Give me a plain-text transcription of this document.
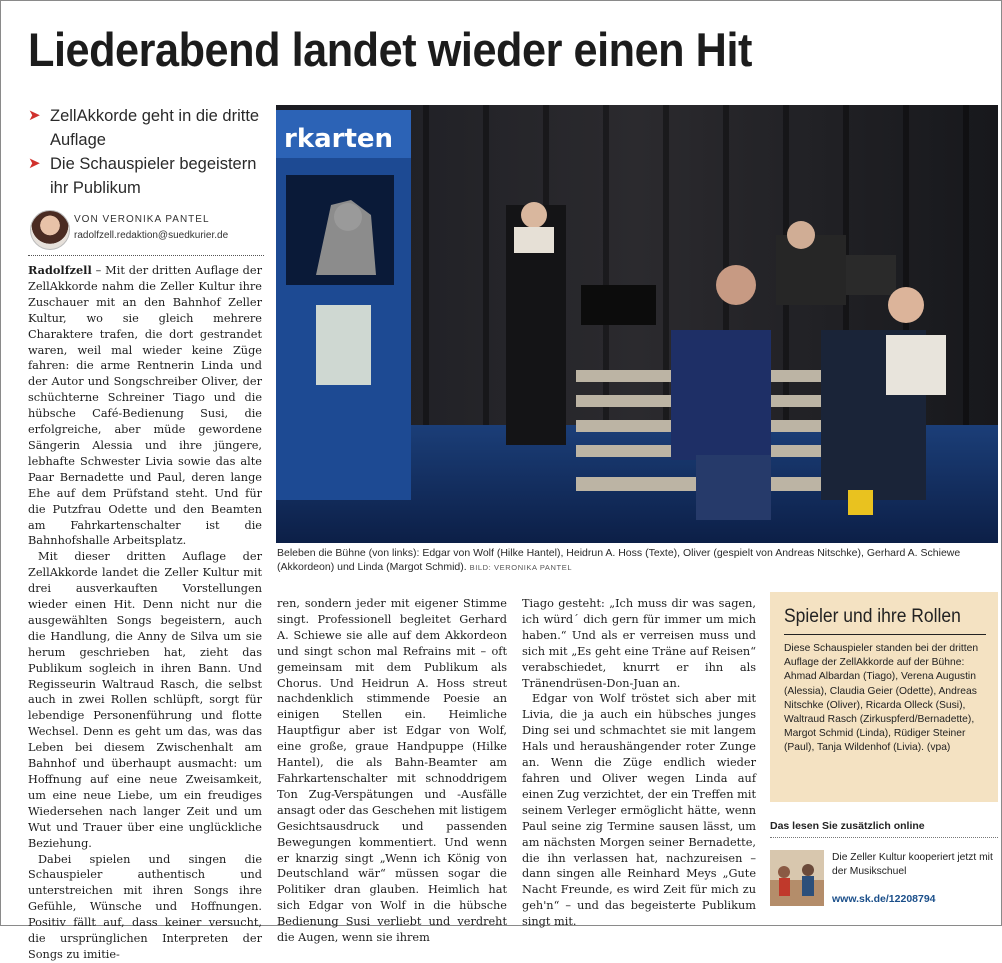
Liederabend landet wieder einen Hit
➤ ZellAkkorde geht in die dritte Auflage
➤ Die Schauspieler begeistern ihr Publikum
VON VERONIKA PANTEL
radolfzell.redaktion@suedkurier.de

Radolfzell – Mit der dritten Auflage der ZellAkkorde nahm die Zeller Kultur ihre Zuschauer mit an den Bahnhof Zeller Kultur, wo sie gleich mehrere Charaktere trafen, die dort gestrandet waren, weil mal wieder keine Züge fahren: die arme Rentnerin Linda und der Autor und Songschreiber Oliver, der schüchterne Schreiner Tiago und die hübsche Café-Bedienung Susi, die erfolgreiche, aber müde gewordene Sängerin Alessia und ihre jüngere, lebhafte Schwester Livia sowie das alte Paar Bernadette und Paul, deren lange Ehe auf dem Prüfstand steht. Und für die Putzfrau Odette und den Beamten am Fahrkartenschalter ist die Bahnhofshalle Arbeitsplatz.

Mit dieser dritten Auflage der ZellAkkorde landet die Zeller Kultur mit drei ausverkauften Vorstellungen wieder einen Hit. Denn nicht nur die ausgewählten Songs begeistern, auch die Handlung, die Anny de Silva um sie herum geschrieben hat, zieht das Publikum sogleich in ihren Bann. Und Regisseurin Waltraud Rasch, die selbst auch in zwei Rollen schlüpft, sorgt für lebendige Personenführung und flotte Wechsel. Denn es geht um das, was das Leben bei diesem Zwischenhalt am Bahnhof und überhaupt ausmacht: um Hoffnung auf eine neue Zweisamkeit, um eine neue Liebe, um ein freudiges Wiedersehen nach langer Zeit und um Wut und Trauer über eine unglückliche Beziehung.

Dabei spielen und singen die Schauspieler authentisch und unterstreichen mit ihren Songs ihre Gefühle, Wünsche und Hoffnungen. Positiv fällt auf, dass keiner versucht, die ursprünglichen Interpreten der Songs zu imitie-

rkarten
Beleben die Bühne (von links): Edgar von Wolf (Hilke Hantel), Heidrun A. Hoss (Texte), Oliver (gespielt von Andreas Nitschke), Gerhard A. Schiewe (Akkordeon) und Linda (Margot Schmid). BILD: VERONIKA PANTEL

ren, sondern jeder mit eigener Stimme singt. Professionell begleitet Gerhard A. Schiewe sie alle auf dem Akkordeon und singt schon mal Refrains mit – oft gemeinsam mit dem Publikum als Chorus. Und Heidrun A. Hoss streut nachdenklich stimmende Poesie an einigen Stellen ein. Heimliche Hauptfigur aber ist Edgar von Wolf, eine große, graue Handpuppe (Hilke Hantel), die als Bahn-Beamter am Fahrkartenschalter mit schnoddrigem Ton Zug-Verspätungen und -Ausfälle ansagt oder das Geschehen mit listigem Gesichtsausdruck und passenden Bewegungen kommentiert. Und wenn er knarzig singt „Wenn ich König von Deutschland wär“ müssen sogar die Politiker dran glauben. Heimlich hat sich Edgar von Wolf in die hübsche Bedienung Susi verliebt und verdreht die Augen, wenn sie ihrem

Tiago gesteht: „Ich muss dir was sagen, ich würd´ dich gern für immer um mich haben.“ Und als er verreisen muss und sich mit „Es geht eine Träne auf Reisen“ verabschiedet, knurrt er ihn als Tränendrüsen-Don-Juan an.

Edgar von Wolf tröstet sich aber mit Livia, die ja auch ein hübsches junges Ding sei und schmachtet sie mit langem Hals und heraushängender roter Zunge an. Wenn die Züge endlich wieder fahren und Oliver wegen Linda auf einen Zug verzichtet, der ein Treffen mit seinem Verleger ermöglicht hätte, wenn Paul seine zig Termine sausen lässt, um am nächsten Morgen seiner Bernadette, die ihn verlassen hat, nachzureisen – dann singen alle Reinhard Meys „Gute Nacht Freunde, es wird Zeit für mich zu geh'n“ – und das begeisterte Publikum singt mit.

Spieler und ihre Rollen
Diese Schauspieler standen bei der dritten Auflage der ZellAkkorde auf der Bühne: Ahmad Albardan (Tiago), Verena Augustin (Alessia), Claudia Geier (Odette), Andreas Nitschke (Oliver), Ricarda Olleck (Susi), Waltraud Rasch (Zirkuspferd/Bernadette), Margot Schmid (Linda), Rüdiger Steiner (Paul), Tanja Wildenhof (Livia). (vpa)
Das lesen Sie zusätzlich online
Die Zeller Kultur kooperiert jetzt mit der Musikschuel
www.sk.de/12208794
